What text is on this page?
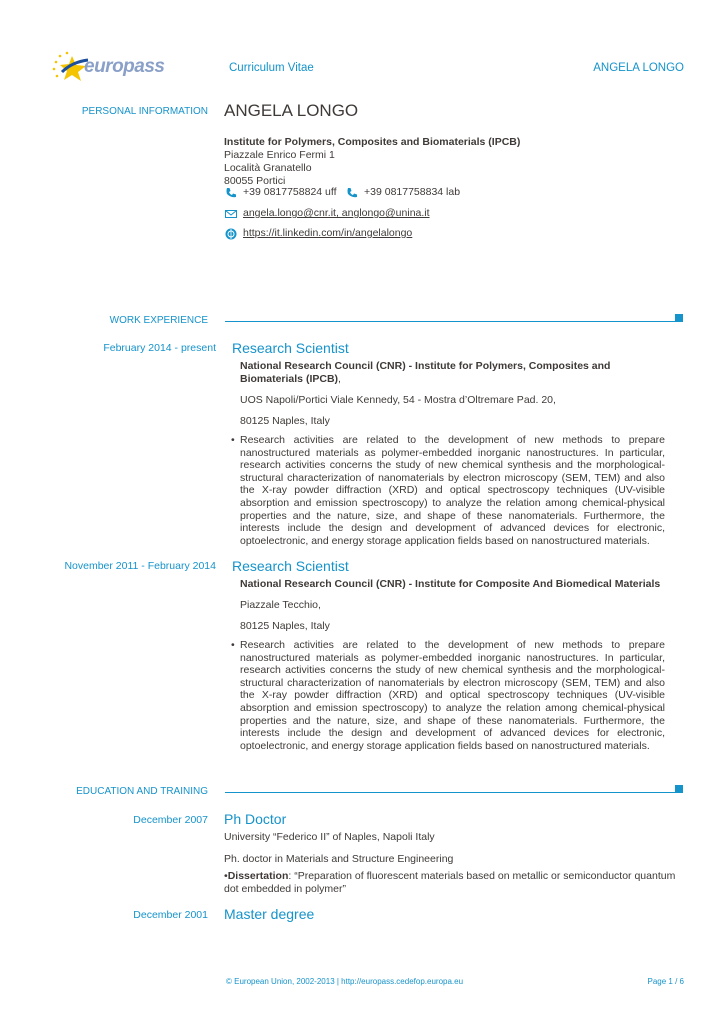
europass	Curriculum Vitae	ANGELA LONGO
PERSONAL INFORMATION ANGELA LONGO
Institute for Polymers, Composites and Biomaterials (IPCB)
Piazzale Enrico Fermi 1
Località Granatello
80055 Portici
+39 0817758824 uff	+39 0817758834 lab
angela.longo@cnr.it, anglongo@unina.it
https://it.linkedin.com/in/angelalongo
WORK EXPERIENCE
February 2014 - present Research Scientist
National Research Council (CNR) - Institute for Polymers, Composites and Biomaterials (IPCB),
UOS Napoli/Portici Viale Kennedy, 54 - Mostra d’Oltremare Pad. 20,
80125 Naples, Italy
• Research activities are related to the development of new methods to prepare nanostructured materials as polymer-embedded inorganic nanostructures. In particular, research activities concerns the study of new chemical synthesis and the morphological-structural characterization of nanomaterials by electron microscopy (SEM, TEM) and also the X-ray powder diffraction (XRD) and optical spectroscopy techniques (UV-visible absorption and emission spectroscopy) to analyze the relation among chemical-physical properties and the nature, size, and shape of these nanomaterials. Furthermore, the interests include the design and development of advanced devices for electronic, optoelectronic, and energy storage application fields based on nanostructured materials.
November 2011 - February 2014 Research Scientist
National Research Council (CNR) - Institute for Composite And Biomedical Materials
Piazzale Tecchio,
80125 Naples, Italy
• Research activities are related to the development of new methods to prepare nanostructured materials as polymer-embedded inorganic nanostructures. In particular, research activities concerns the study of new chemical synthesis and the morphological-structural characterization of nanomaterials by electron microscopy (SEM, TEM) and also the X-ray powder diffraction (XRD) and optical spectroscopy techniques (UV-visible absorption and emission spectroscopy) to analyze the relation among chemical-physical properties and the nature, size, and shape of these nanomaterials. Furthermore, the interests include the design and development of advanced devices for electronic, optoelectronic, and energy storage application fields based on nanostructured materials.
EDUCATION AND TRAINING
December 2007 Ph Doctor
University “Federico II” of Naples, Napoli Italy
Ph. doctor in Materials and Structure Engineering
•Dissertation: “Preparation of fluorescent materials based on metallic or semiconductor quantum dot embedded in polymer”
December 2001 Master degree
© European Union, 2002-2013 | http://europass.cedefop.europa.eu	Page 1 / 6
